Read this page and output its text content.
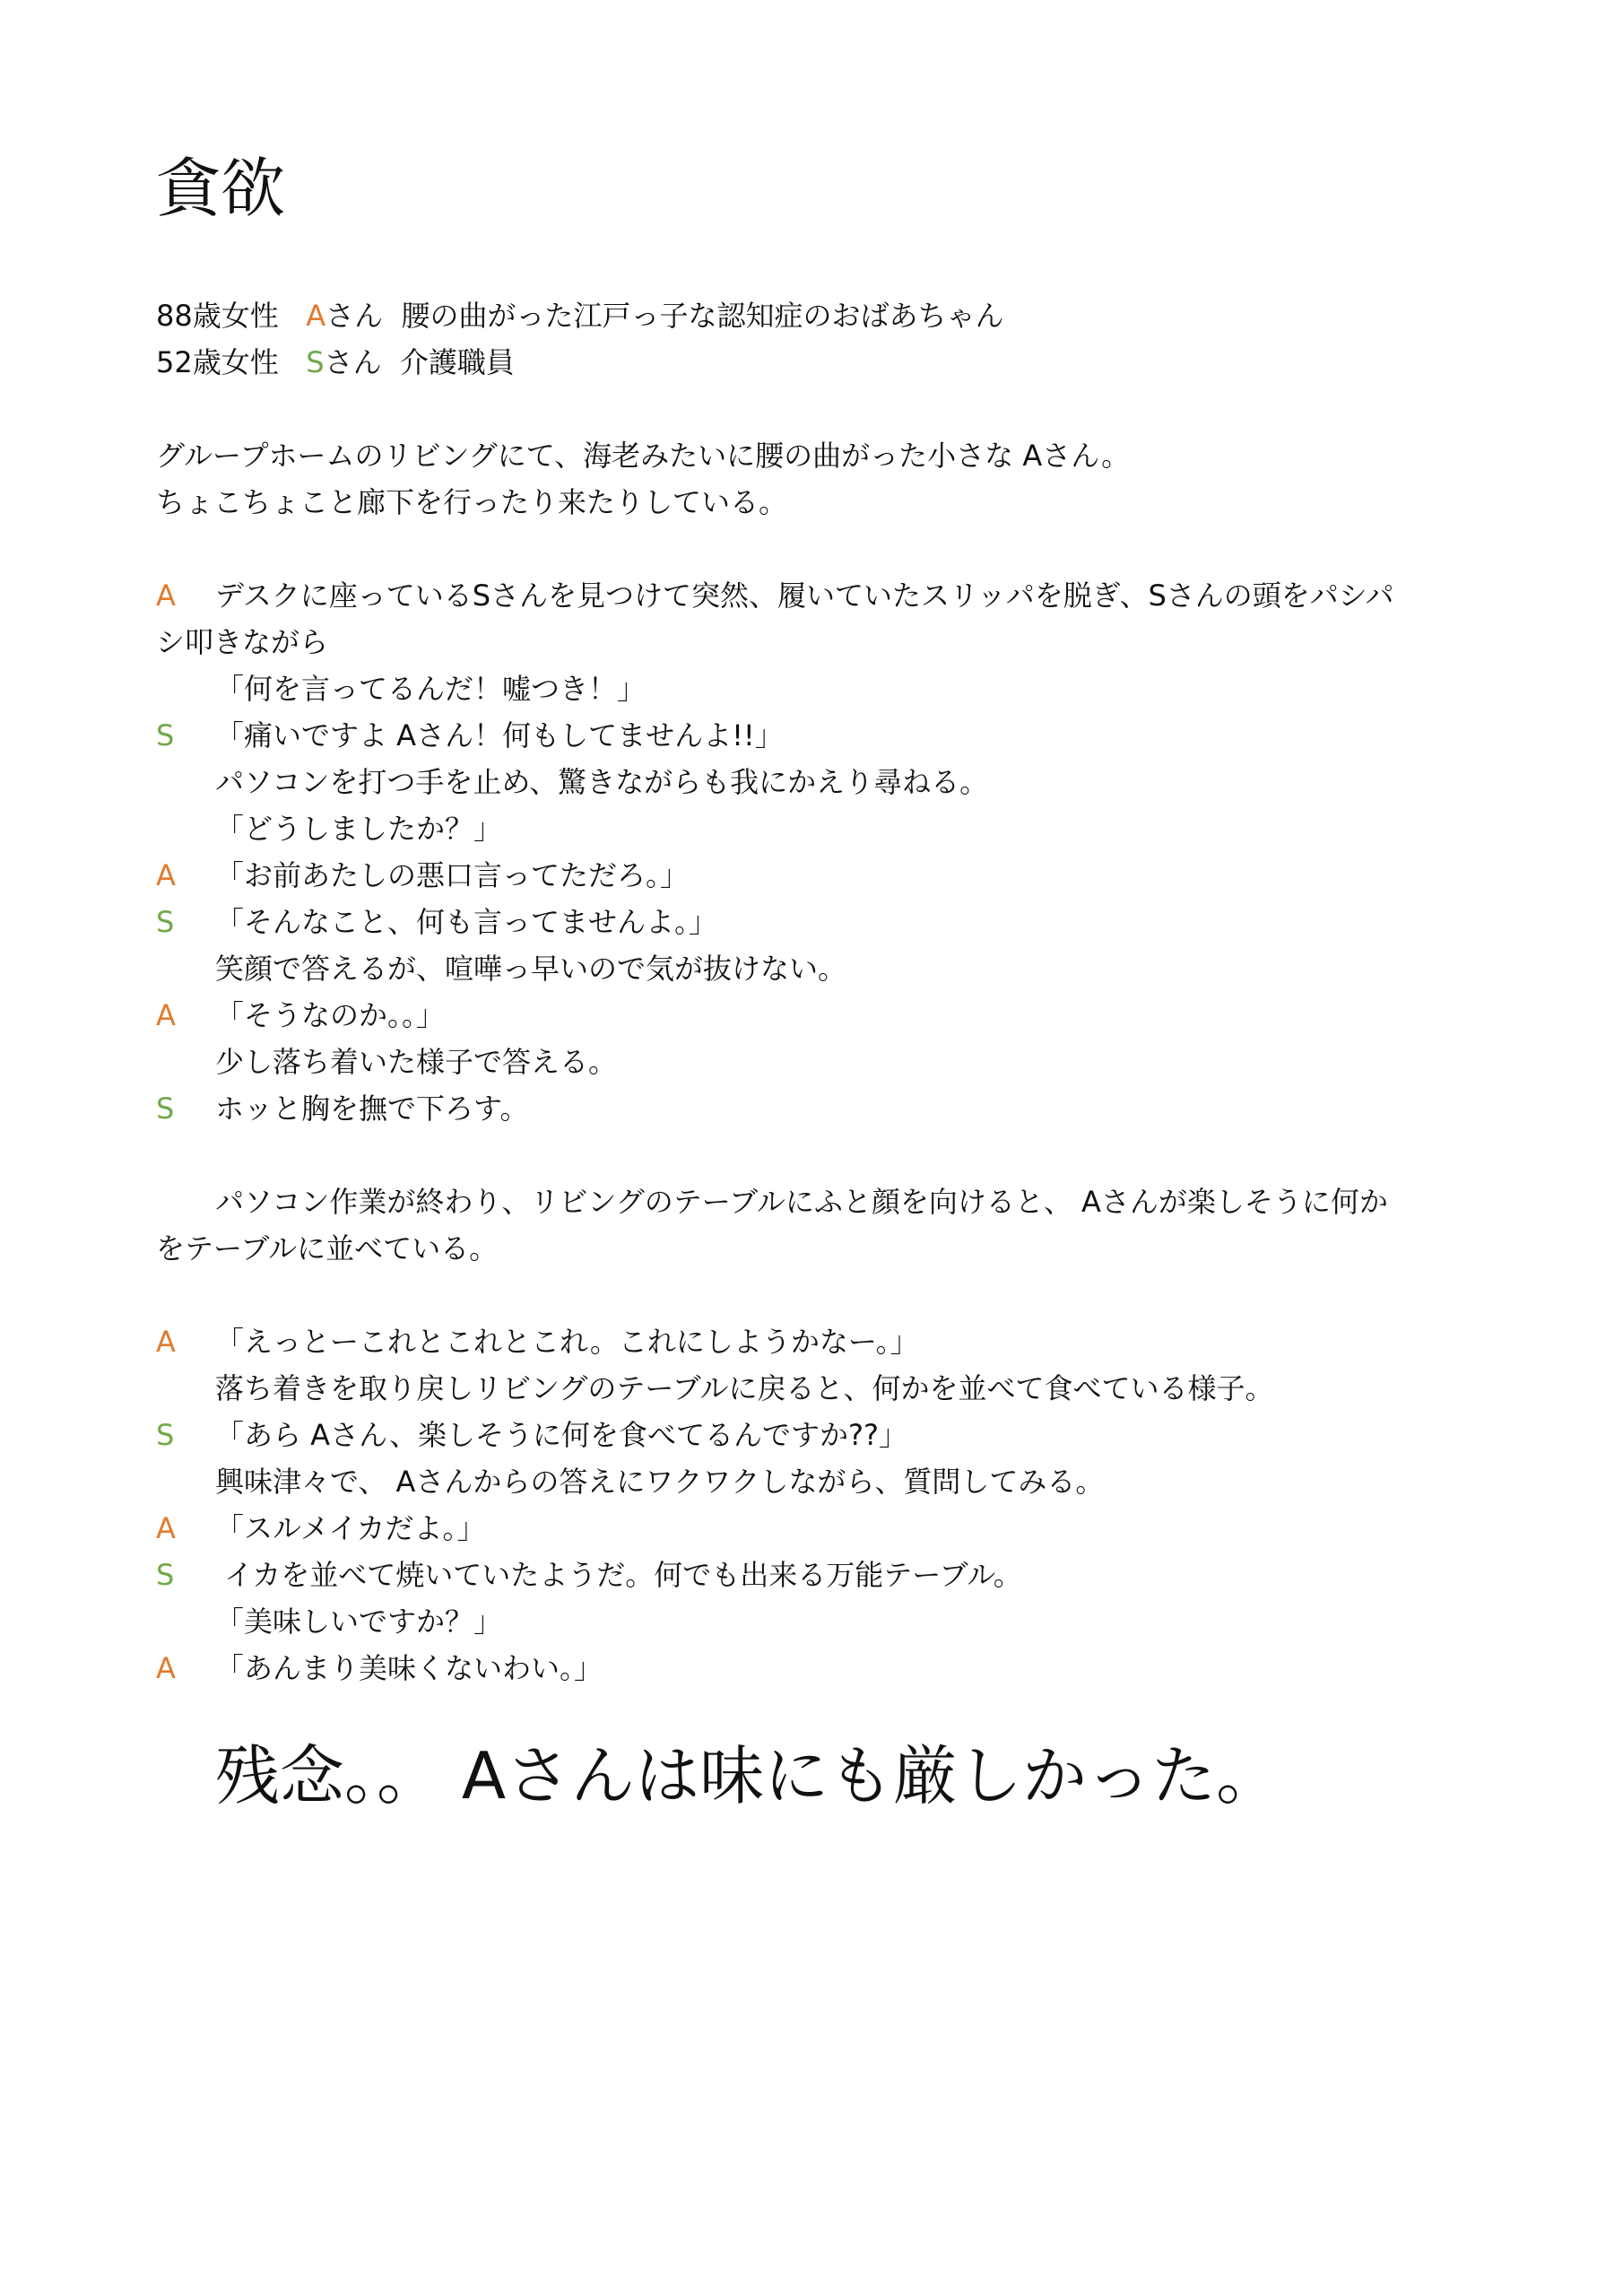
貪欲
88歳女性 Aさん 腰の曲がった江戸っ子な認知症のおばあちゃん
52歳女性 Sさん 介護職員
グループホームのリビングにて、海老みたいに腰の曲がった小さな Aさん。
ちょこちょこと廊下を行ったり来たりしている。
A デスクに座っているSさんを見つけて突然、履いていたスリッパを脱ぎ、Sさんの頭をパシパ
シ叩きながら
「何を言ってるんだ！嘘つき！」
S 「痛いですよ Aさん！何もしてませんよ!!」
パソコンを打つ手を止め、驚きながらも我にかえり尋ねる。
「どうしましたか？」
A 「お前あたしの悪口言ってただろ。」
S 「そんなこと、何も言ってませんよ。」
笑顔で答えるが、喧嘩っ早いので気が抜けない。
A 「そうなのか。。」
少し落ち着いた様子で答える。
S ホッと胸を撫で下ろす。
パソコン作業が終わり、リビングのテーブルにふと顔を向けると、 Aさんが楽しそうに何か
をテーブルに並べている。
A 「えっとーこれとこれとこれ。これにしようかなー。」
落ち着きを取り戻しリビングのテーブルに戻ると、何かを並べて食べている様子。
S 「あら Aさん、楽しそうに何を食べてるんですか??」
興味津々で、 Aさんからの答えにワクワクしながら、質問してみる。
A 「スルメイカだよ。」
S イカを並べて焼いていたようだ。何でも出来る万能テーブル。
「美味しいですか？」
A 「あんまり美味くないわい。」
残念。。 Aさんは味にも厳しかった。
